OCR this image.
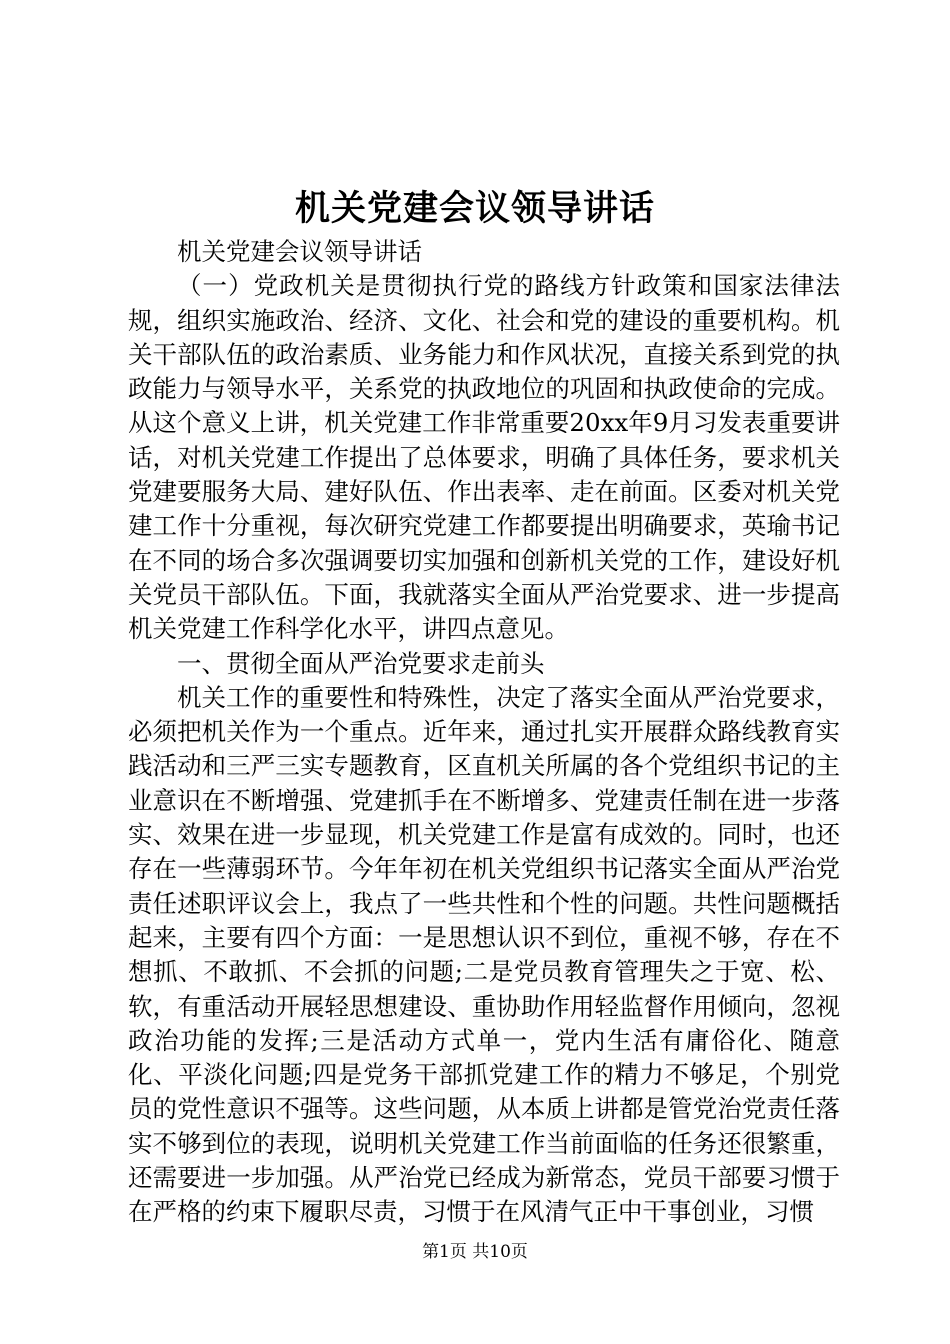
机关党建会议领导讲话

机关党建会议领导讲话

（一）党政机关是贯彻执行党的路线方针政策和国家法律法规，组织实施政治、经济、文化、社会和党的建设的重要机构。机关干部队伍的政治素质、业务能力和作风状况，直接关系到党的执政能力与领导水平，关系党的执政地位的巩固和执政使命的完成。从这个意义上讲，机关党建工作非常重要20xx年9月习发表重要讲话，对机关党建工作提出了总体要求，明确了具体任务，要求机关党建要服务大局、建好队伍、作出表率、走在前面。区委对机关党建工作十分重视，每次研究党建工作都要提出明确要求，英瑜书记在不同的场合多次强调要切实加强和创新机关党的工作，建设好机关党员干部队伍。下面，我就落实全面从严治党要求、进一步提高机关党建工作科学化水平，讲四点意见。

一、贯彻全面从严治党要求走前头

机关工作的重要性和特殊性，决定了落实全面从严治党要求，必须把机关作为一个重点。近年来，通过扎实开展群众路线教育实践活动和三严三实专题教育，区直机关所属的各个党组织书记的主业意识在不断增强、党建抓手在不断增多、党建责任制在进一步落实、效果在进一步显现，机关党建工作是富有成效的。同时，也还存在一些薄弱环节。今年年初在机关党组织书记落实全面从严治党责任述职评议会上，我点了一些共性和个性的问题。共性问题概括起来，主要有四个方面：一是思想认识不到位，重视不够，存在不想抓、不敢抓、不会抓的问题;二是党员教育管理失之于宽、松、软，有重活动开展轻思想建设、重协助作用轻监督作用倾向，忽视政治功能的发挥;三是活动方式单一，党内生活有庸俗化、随意化、平淡化问题;四是党务干部抓党建工作的精力不够足，个别党员的党性意识不强等。这些问题，从本质上讲都是管党治党责任落实不够到位的表现，说明机关党建工作当前面临的任务还很繁重，还需要进一步加强。从严治党已经成为新常态，党员干部要习惯于在严格的约束下履职尽责，习惯于在风清气正中干事创业，习惯

第1页 共10页
